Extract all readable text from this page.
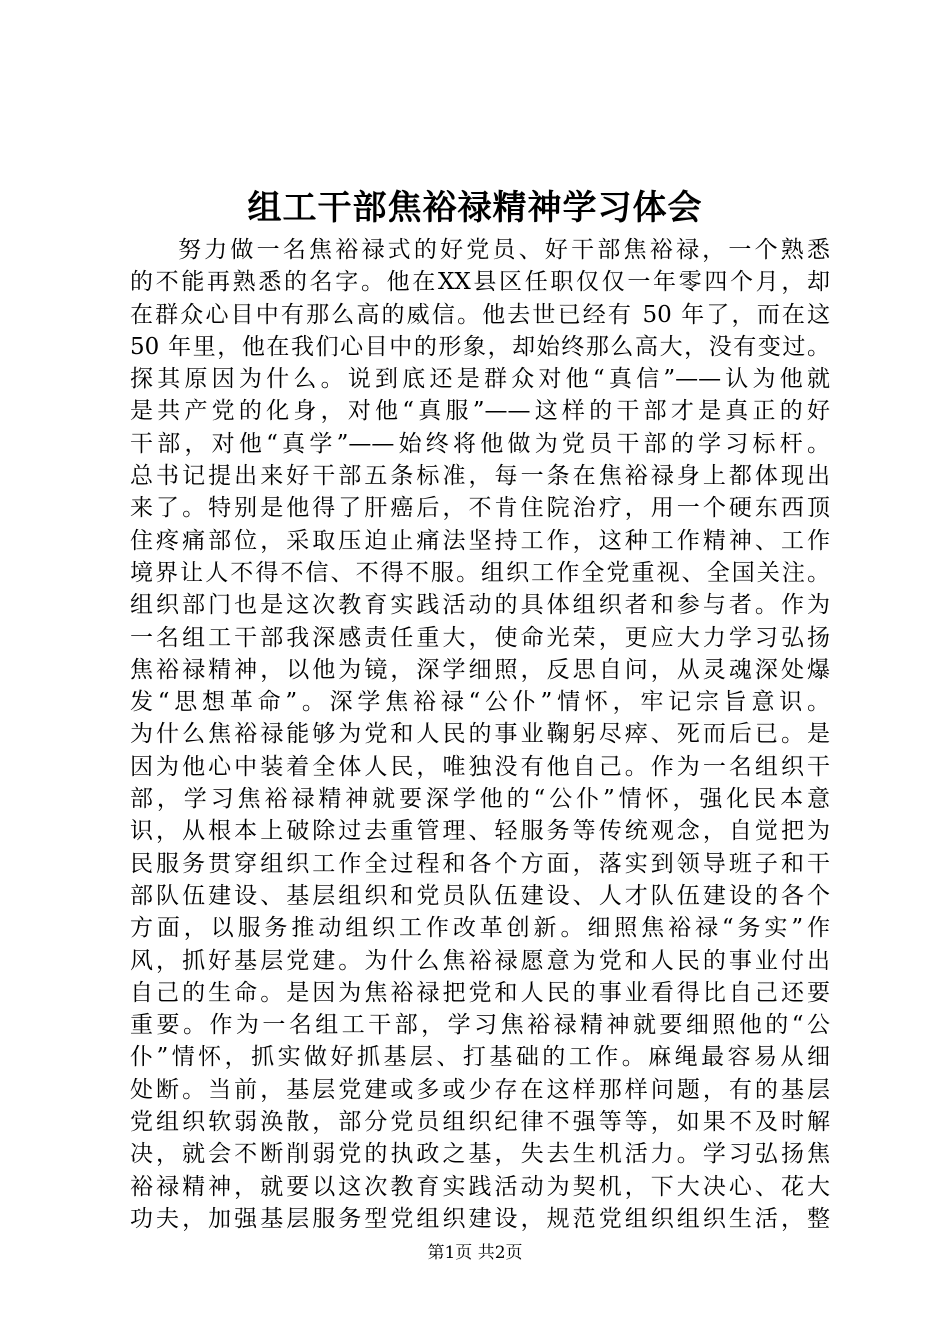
组工干部焦裕禄精神学习体会
努力做一名焦裕禄式的好党员、好干部焦裕禄，一个熟悉
的不能再熟悉的名字。他在XX县区任职仅仅一年零四个月，却
在群众心目中有那么高的威信。他去世已经有 50 年了，而在这
50 年里，他在我们心目中的形象，却始终那么高大，没有变过。
探其原因为什么。说到底还是群众对他“真信”——认为他就
是共产党的化身，对他“真服”——这样的干部才是真正的好
干部，对他“真学”——始终将他做为党员干部的学习标杆。
总书记提出来好干部五条标准，每一条在焦裕禄身上都体现出
来了。特别是他得了肝癌后，不肯住院治疗，用一个硬东西顶
住疼痛部位，采取压迫止痛法坚持工作，这种工作精神、工作
境界让人不得不信、不得不服。组织工作全党重视、全国关注。
组织部门也是这次教育实践活动的具体组织者和参与者。作为
一名组工干部我深感责任重大，使命光荣，更应大力学习弘扬
焦裕禄精神，以他为镜，深学细照，反思自问，从灵魂深处爆
发“思想革命”。深学焦裕禄“公仆”情怀，牢记宗旨意识。
为什么焦裕禄能够为党和人民的事业鞠躬尽瘁、死而后已。是
因为他心中装着全体人民，唯独没有他自己。作为一名组织干
部，学习焦裕禄精神就要深学他的“公仆”情怀，强化民本意
识，从根本上破除过去重管理、轻服务等传统观念，自觉把为
民服务贯穿组织工作全过程和各个方面，落实到领导班子和干
部队伍建设、基层组织和党员队伍建设、人才队伍建设的各个
方面，以服务推动组织工作改革创新。细照焦裕禄“务实”作
风，抓好基层党建。为什么焦裕禄愿意为党和人民的事业付出
自己的生命。是因为焦裕禄把党和人民的事业看得比自己还要
重要。作为一名组工干部，学习焦裕禄精神就要细照他的“公
仆”情怀，抓实做好抓基层、打基础的工作。麻绳最容易从细
处断。当前，基层党建或多或少存在这样那样问题，有的基层
党组织软弱涣散，部分党员组织纪律不强等等，如果不及时解
决，就会不断削弱党的执政之基，失去生机活力。学习弘扬焦
裕禄精神，就要以这次教育实践活动为契机，下大决心、花大
功夫，加强基层服务型党组织建设，规范党组织组织生活，整
第1页 共2页
